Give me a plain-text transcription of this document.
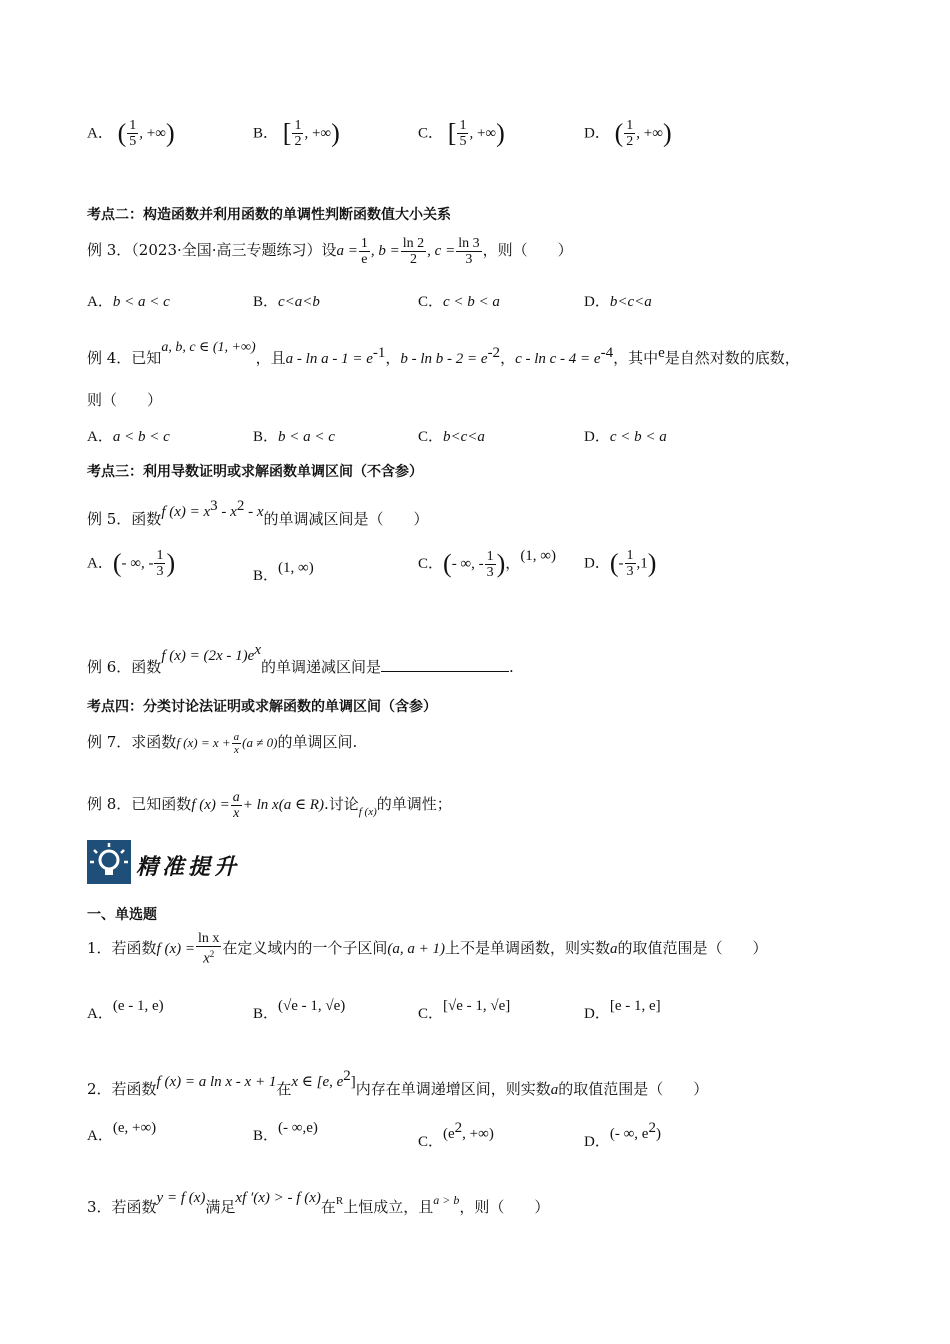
A． ( $\frac{1}{5}$ , +∞)	B． [ $\frac{1}{2}$ , +∞)	C． [ $\frac{1}{5}$ , +∞)	D． ( $\frac{1}{2}$ , +∞)
考点二：构造函数并利用函数的单调性判断函数值大小关系
例 3．（2023·全国·高三专题练习）设$a = \frac{1}{e}$ , $b = \frac{\ln 2}{2}$ , $c = \frac{\ln 3}{3}$ ，则（　　）
A．b < a < c	B．c<a<b	C．c < b < a	D．b<c<a
例 4．已知a, b, c ∈ (1, +∞)，且$a - \ln a - 1 = e^{-1}$，$b - \ln b - 2 = e^{-2}$，$c - \ln c - 4 = e^{-4}$，其中$^e$是自然对数的底数，
则（　　）
A．a < b < c	B．b < a < c	C．b<c<a	D．c < b < a
考点三：利用导数证明或求解函数单调区间（不含参）
例 5．函数f $(x) = x^3 - x^2 - x$的单调减区间是（　　）
A．(- ∞, - $\frac{1}{3}$ )	B．(1, ∞)	C．(- ∞, - $\frac{1}{3}$ )，(1, ∞) D．(- $\frac{1}{3} ,1$)
例 6．函数f $(x) = (2x - 1)e^x$的单调递减区间是	.
考点四：分类讨论法证明或求解函数的单调区间（含参）
例 7．求函数f $(x) = x + \frac{a}{x} (a \ne 0)$的单调区间.
例 8．已知函数f $(x) = \frac{a}{x} + \ln x(a$ ∈ R).讨论$_{f (x)}$的单调性；
精准提升
一、单选题
1．若函数f $(x) = \frac{\text{ln x}}{x^2}$ 在定义域内的一个子区间(a, a + 1)上不是单调函数，则实数a的取值范围是（　　）
A．(e - 1, e)	B．(√e - 1, √e)	C．[√e - 1, √e]	D．[e - 1, e]
2．若函数f (x) = a ln x - x + 1在x ∈ [e, $e^2$]内存在单调递增区间，则实数a的取值范围是（　　）
A．(e, +∞)	B．(- ∞,e)
C．($e^2$, +∞)	D．(- ∞, $e^2$)
3．若函数y = f (x)满足xf ′(x) > - f (x)在$^R$上恒成立，且$^{a > b}$，则（　　）
